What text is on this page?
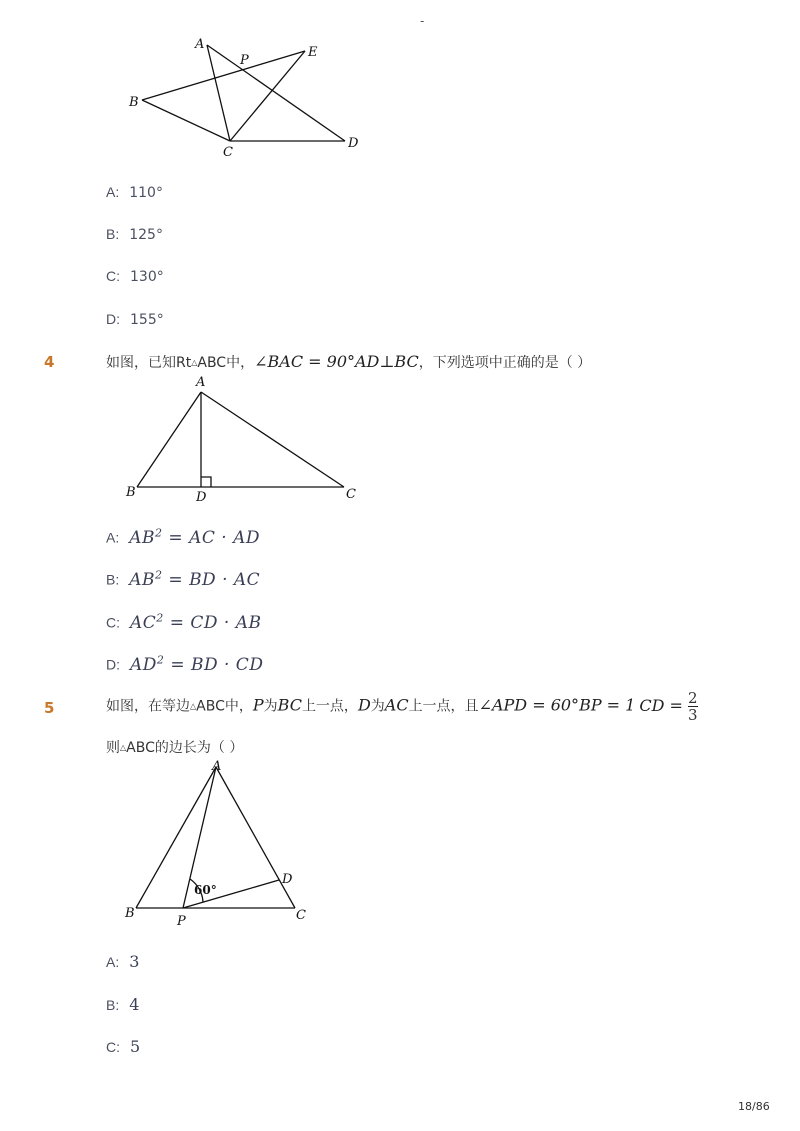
-
A
P
E
B
C
D
A: 110°
B: 125°
C: 130°
D: 155°
4	如图，已知Rt△ABC中，∠BAC = 90°AD⊥BC，下列选项中正确的是（ ）
A
B	D	C
A: $AB^2$ = AC · AD
B: $AB^2$ = BD · AC
C: $AC^2$ = CD · AB
D: $AD^2$ = BD · CD
5	如图，在等边△ABC中，P为BC上一点，D为AC上一点，且∠APD = 60°BP = 1 CD = $\frac{2}{3}$
则△ABC的边长为（ ）
A
D
B
P	C
60°
A: 3
B: 4
C: 5
18/86
